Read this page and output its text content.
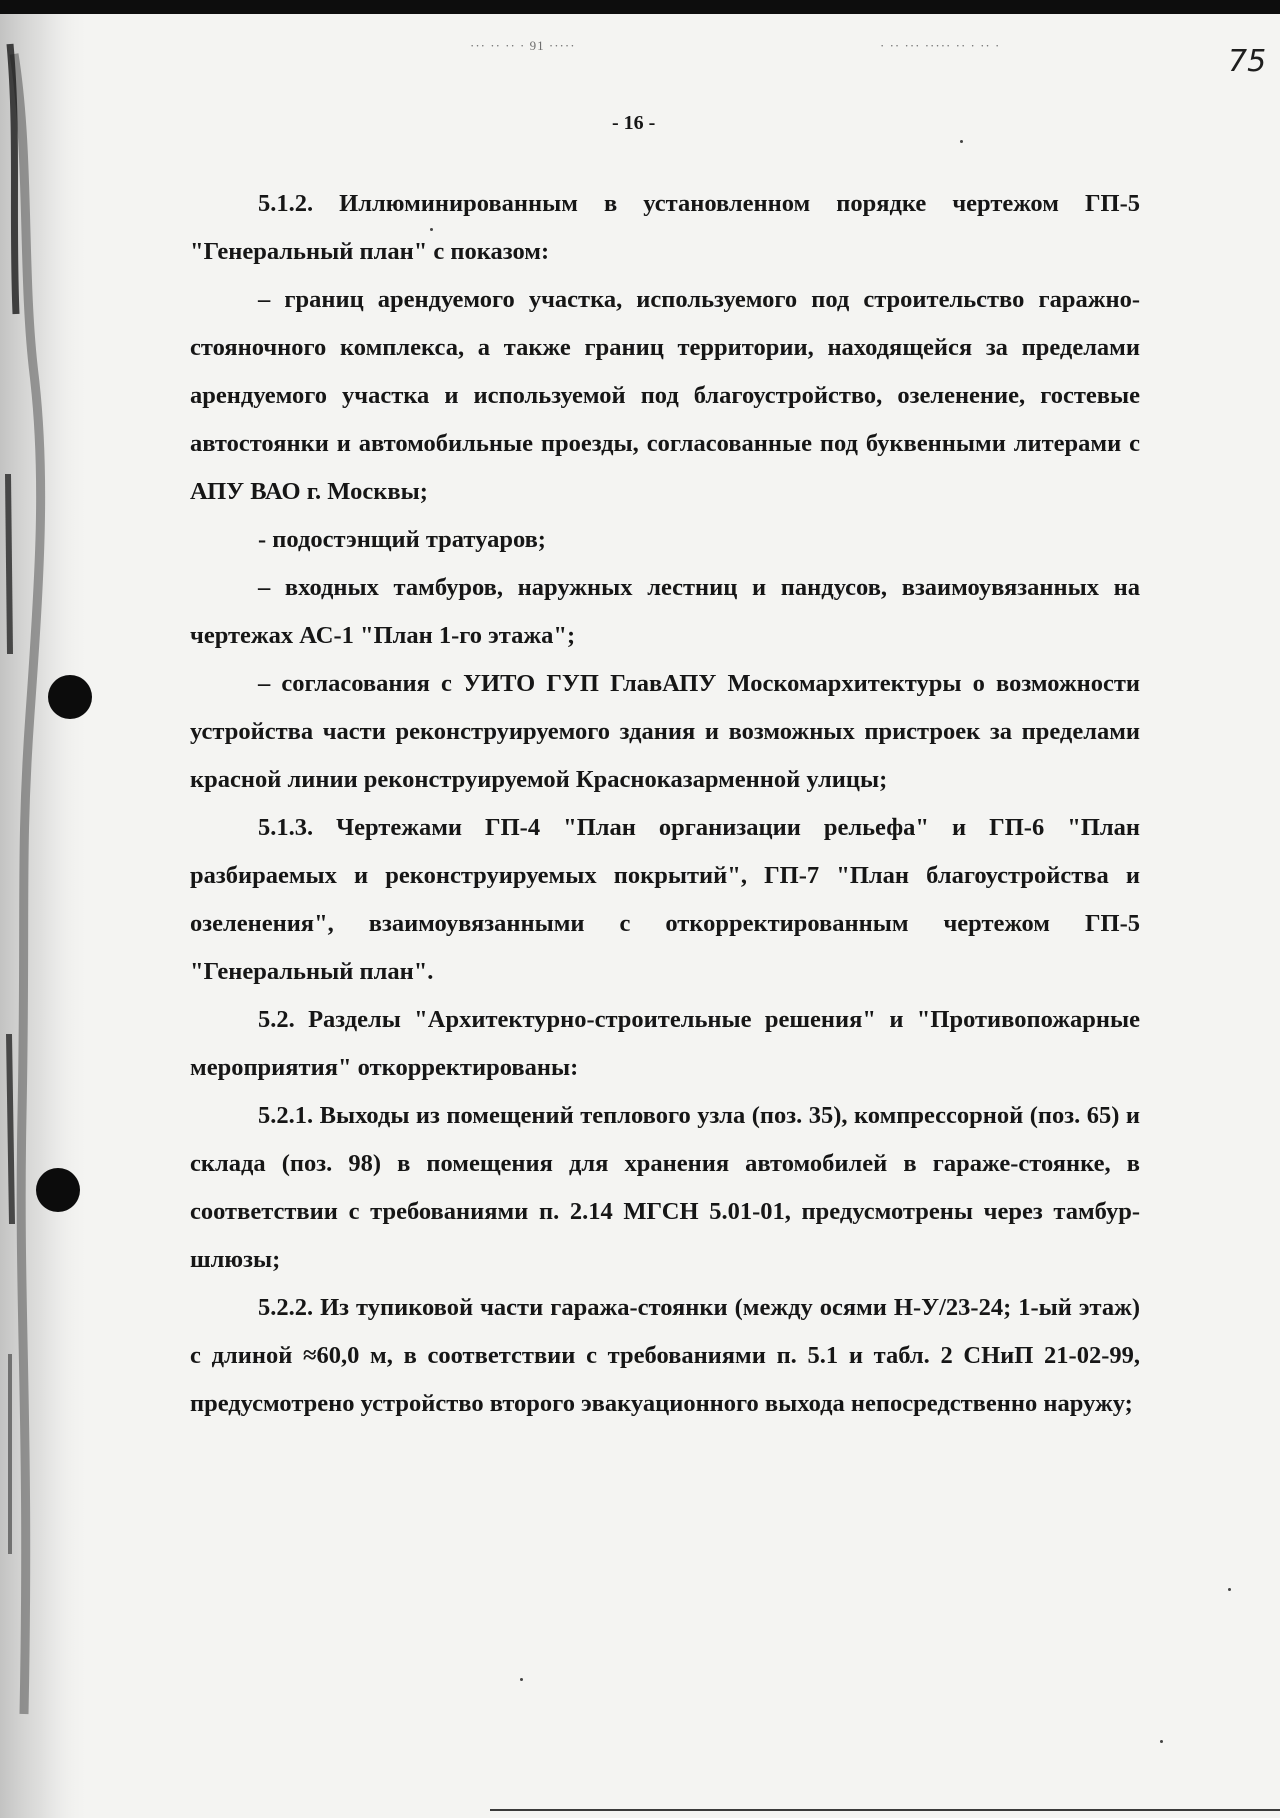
··· ·· ·· · 91 ·····	· ·· ··· ····· ·· · ·· ·	75
- 16 -

5.1.2. Иллюминированным в установленном порядке чертежом ГП-5 "Генеральный план" с показом:

– границ арендуемого участка, используемого под строительство гаражно-стояночного комплекса, а также границ территории, находящейся за пределами арендуемого участка и используемой под благоустройство, озеленение, гостевые автостоянки и автомобильные проезды, согласованные под буквенными литерами с АПУ ВАО г. Москвы;

- подостэнщий тратуаров;

– входных тамбуров, наружных лестниц и пандусов, взаимоувязанных на чертежах АС-1 "План 1-го этажа";

– согласования с УИТО ГУП ГлавАПУ Москомархитектуры о возможности устройства части реконструируемого здания и возможных пристроек за пределами красной линии реконструируемой Красноказарменной улицы;

5.1.3. Чертежами ГП-4 "План организации рельефа" и ГП-6 "План разбираемых и реконструируемых покрытий", ГП-7 "План благоустройства и озеленения", взаимоувязанными с откорректированным чертежом ГП-5 "Генеральный план".

5.2. Разделы "Архитектурно-строительные решения" и "Противопожарные мероприятия" откорректированы:

5.2.1. Выходы из помещений теплового узла (поз. 35), компрессорной (поз. 65) и склада (поз. 98) в помещения для хранения автомобилей в гараже-стоянке, в соответствии с требованиями п. 2.14 МГСН 5.01-01, предусмотрены через тамбур-шлюзы;

5.2.2. Из тупиковой части гаража-стоянки (между осями Н-У/23-24; 1-ый этаж) с длиной ≈60,0 м, в соответствии с требованиями п. 5.1 и табл. 2 СНиП 21-02-99, предусмотрено устройство второго эвакуационного выхода непосредственно наружу;
